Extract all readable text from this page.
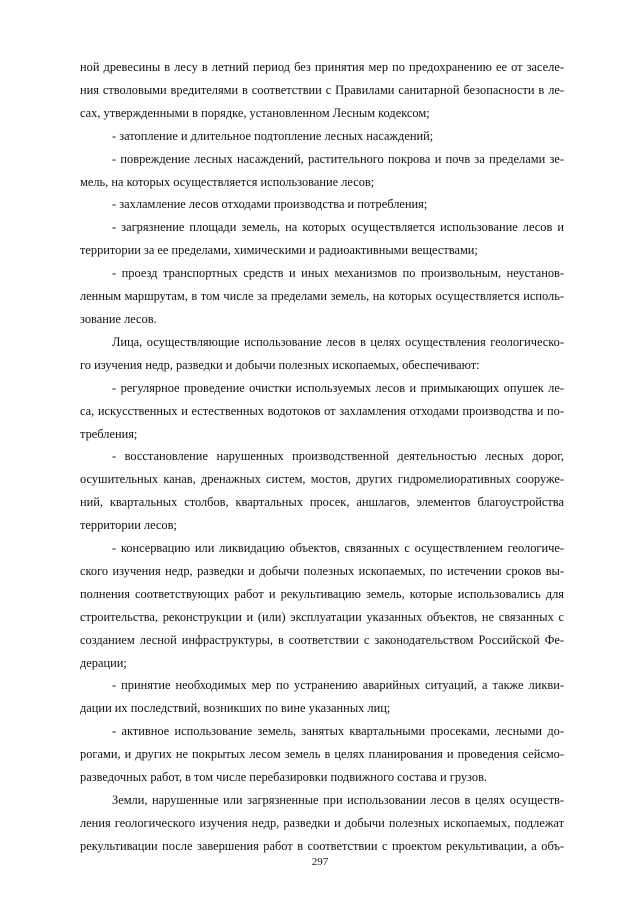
ной древесины в лесу в летний период без принятия мер по предохранению ее от заселе-
ния стволовыми вредителями в соответствии с Правилами санитарной безопасности в ле-
сах, утвержденными в порядке, установленном Лесным кодексом;
- затопление и длительное подтопление лесных насаждений;
- повреждение лесных насаждений, растительного покрова и почв за пределами зе-
мель, на которых осуществляется использование лесов;
- захламление лесов отходами производства и потребления;
- загрязнение площади земель, на которых осуществляется использование лесов и
территории за ее пределами, химическими и радиоактивными веществами;
- проезд транспортных средств и иных механизмов по произвольным, неустанов-
ленным маршрутам, в том числе за пределами земель, на которых осуществляется исполь-
зование лесов.
Лица, осуществляющие использование лесов в целях осуществления геологическо-
го изучения недр, разведки и добычи полезных ископаемых, обеспечивают:
- регулярное проведение очистки используемых лесов и примыкающих опушек ле-
са, искусственных и естественных водотоков от захламления отходами производства и по-
требления;
- восстановление нарушенных производственной деятельностью лесных дорог,
осушительных канав, дренажных систем, мостов, других гидромелиоративных сооруже-
ний, квартальных столбов, квартальных просек, аншлагов, элементов благоустройства
территории лесов;
- консервацию или ликвидацию объектов, связанных с осуществлением геологиче-
ского изучения недр, разведки и добычи полезных ископаемых, по истечении сроков вы-
полнения соответствующих работ и рекультивацию земель, которые использовались для
строительства, реконструкции и (или) эксплуатации указанных объектов, не связанных с
созданием лесной инфраструктуры, в соответствии с законодательством Российской Фе-
дерации;
- принятие необходимых мер по устранению аварийных ситуаций, а также ликви-
дации их последствий, возникших по вине указанных лиц;
- активное использование земель, занятых квартальными просеками, лесными до-
рогами, и других не покрытых лесом земель в целях планирования и проведения сейсмо-
разведочных работ, в том числе перебазировки подвижного состава и грузов.
Земли, нарушенные или загрязненные при использовании лесов в целях осуществ-
ления геологического изучения недр, разведки и добычи полезных ископаемых, подлежат
рекультивации после завершения работ в соответствии с проектом рекультивации, а объ-
297
